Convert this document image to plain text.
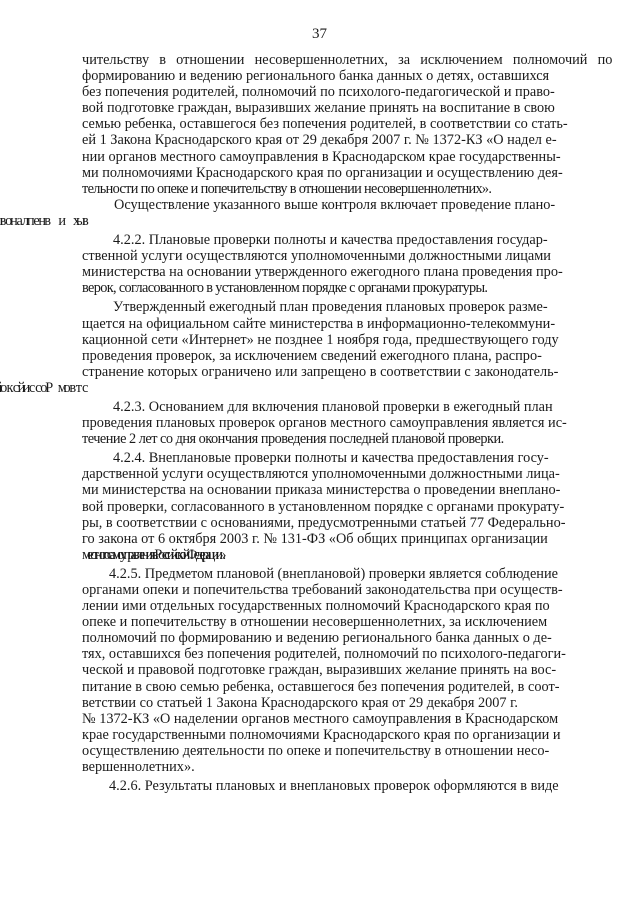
37
чительству в отношении несовершеннолетних, за исключением полномочий по
формированию и ведению регионального банка данных о детях, оставшихся
без попечения родителей, полномочий по психолого-педагогической и право-
вой подготовке граждан, выразивших желание принять на воспитание в свою
семью ребенка, оставшегося без попечения родителей, в соответствии со стать-
ей 1 Закона Краснодарского края от 29 декабря 2007 г. № 1372-КЗ «О надел е-
нии органов местного самоуправления в Краснодарском крае государственны-
ми полномочиями Краснодарского края по организации и осуществлению дея-
тельности по опеке и попечительству в отношении несовершеннолетних».
Осуществление указанного выше контроля включает проведение плано-
4.2.2. Плановые проверки полноты и качества предоставления государ-
ственной услуги осуществляются уполномоченными должностными лицами
министерства на основании утвержденного ежегодного плана проведения про-
верок, согласованного в установленном порядке с органами прокуратуры.
Утвержденный ежегодный план проведения плановых проверок разме-
щается на официальном сайте министерства в информационно-телекоммуни-
кационной сети «Интернет» не позднее 1 ноября года, предшествующего году
проведения проверок, за исключением сведений ежегодного плана, распро-
странение которых ограничено или запрещено в соответствии с законодатель-
4.2.3. Основанием для включения плановой проверки в ежегодный план
проведения плановых проверок органов местного самоуправления является ис-
течение 2 лет со дня окончания проведения последней плановой проверки.
4.2.4. Внеплановые проверки полноты и качества предоставления госу-
дарственной услуги осуществляются уполномоченными должностными лица-
ми министерства на основании приказа министерства о проведении внеплано-
вой проверки, согласованного в установленном порядке с органами прокурату-
ры, в соответствии с основаниями, предусмотренными статьей 77 Федерально-
го закона от 6 октября 2003 г. № 131-ФЗ «Об общих принципах организации
местного самоуправления в Российской Федерации».
4.2.5. Предметом плановой (внеплановой) проверки является соблюдение
органами опеки и попечительства требований законодательства при осуществ-
лении ими отдельных государственных полномочий Краснодарского края по
опеке и попечительству в отношении несовершеннолетних, за исключением
полномочий по формированию и ведению регионального банка данных о де-
тях, оставшихся без попечения родителей, полномочий по психолого-педагоги-
ческой и правовой подготовке граждан, выразивших желание принять на вос-
питание в свою семью ребенка, оставшегося без попечения родителей, в соот-
ветствии со статьей 1 Закона Краснодарского края от 29 декабря 2007 г.
№ 1372-КЗ «О наделении органов местного самоуправления в Краснодарском
крае государственными полномочиями Краснодарского края по организации и
осуществлению деятельности по опеке и попечительству в отношении несо-
вершеннолетних».
4.2.6. Результаты плановых и внеплановых проверок оформляются в виде
